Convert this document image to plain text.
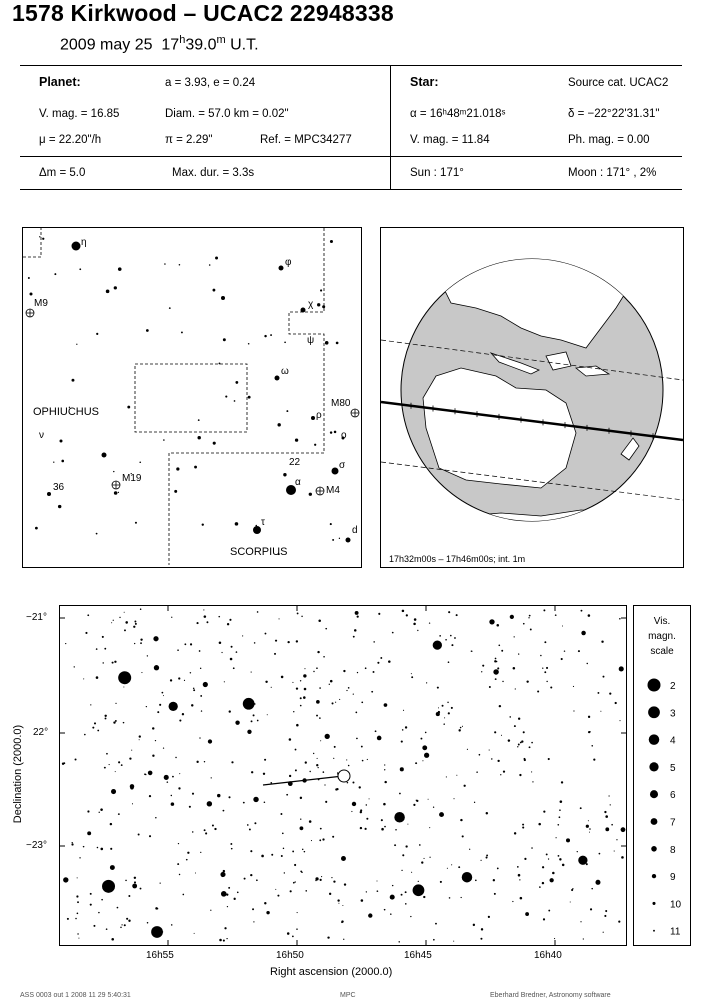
1578 Kirkwood – UCAC2 22948338
2009 may 25 17$^h$39.0$^m$ U.T.
Planet:	a = 3.93, e = 0.24
V. mag. = 16.85	Diam. = 57.0 km = 0.02"
μ = 22.20"/h	π = 2.29"	Ref. = MPC34277
Δm = 5.0	Max. dur. = 3.3s
Star:	Source cat. UCAC2
α = 16ʰ48ᵐ21.018ˢ	δ = −22°22'31.31"
V. mag. = 11.84	Ph. mag. = 0.00
Sun : 171°	Moon : 171° , 2%
OPHIUCHUS
SCORPIUS
η
φ
χ
ψ
ω
ρ
ο
σ
α
τ
ν
M9
M80
M19
M4
22
36
d
17h32m00s – 17h46m00s; int. 1m
−21°
22°
−23°
16h55	16h50	16h45	16h40
Right ascension (2000.0)
Declination (2000.0)
Vis.
magn.
scale
2
3
4
5
6
7
8
9
10
11
ASS 0003 out 1 2008 11 29 5:40:31	MPC	Eberhard Bredner, Astronomy software
